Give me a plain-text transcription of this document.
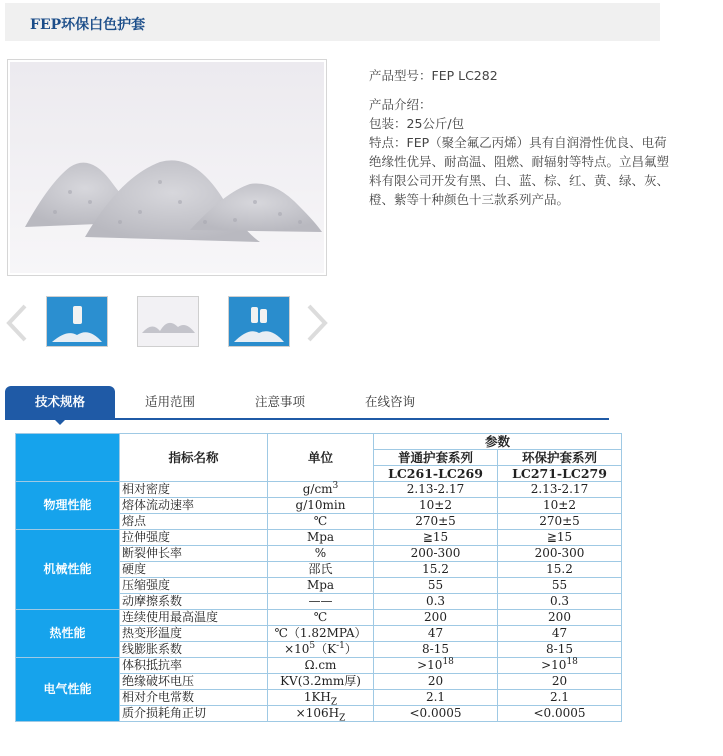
FEP环保白色护套

产品型号：FEP LC282

产品介绍：

包装：25公斤/包

特点：FEP（聚全氟乙丙烯）具有自润滑性优良、电荷绝缘性优异、耐高温、阻燃、耐辐射等特点。立昌氟塑料有限公司开发有黑、白、蓝、棕、红、黄、绿、灰、橙、紫等十种颜色十三款系列产品。

技术规格	适用范围	注意事项	在线咨询
	指标名称	单位	参数	
			普通护套系列	环保护套系列
			LC261-LC269	LC271-LC279
物理性能	相对密度	$g/cm^3$	2.13-2.17	2.13-2.17
	熔体流动速率	g/10min	10±2	10±2
	熔点	℃	270±5	270±5
机械性能	拉伸强度	Mpa	≧15	≧15
	断裂伸长率	%	200-300	200-300
	硬度	邵氏	15.2	15.2
	压缩强度	Mpa	55	55
	动摩擦系数	——	0.3	0.3
热性能	连续使用最高温度	℃	200	200
	热变形温度	℃（1.82MPA）	47	47
	线膨胀系数	$\times 10^5(K^{-1})$	8-15	8-15
电气性能	体积抵抗率	Ω.cm	$>10^{18}$	$>10^{18}$
	绝缘破坏电压	KV(3.2mm厚)	20	20
	相对介电常数	$1KH_Z$	2.1	2.1
	质介损耗角正切	$\times 106H_Z$	<0.0005	<0.0005
